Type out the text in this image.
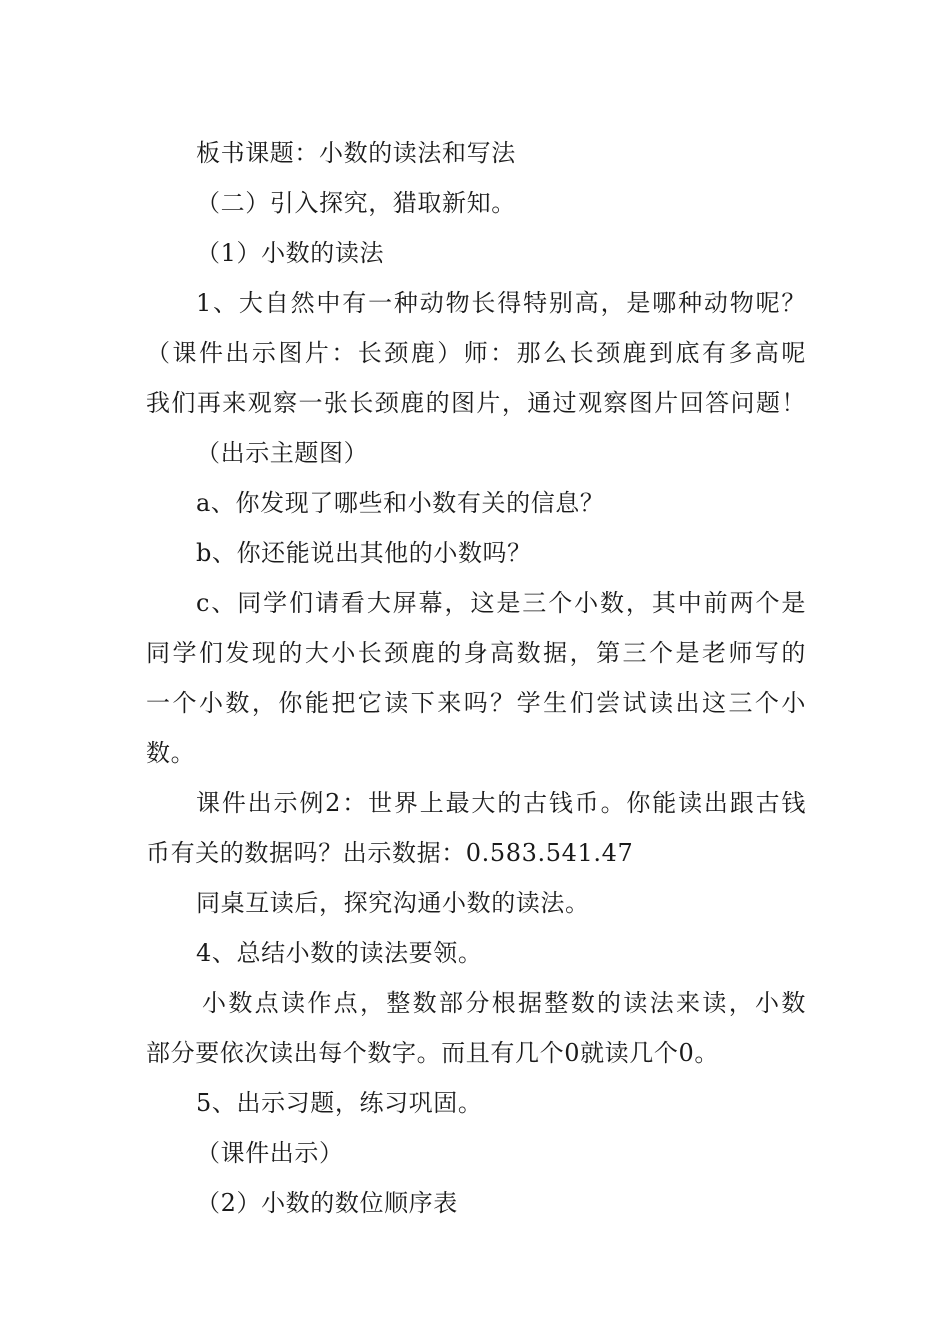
板书课题：小数的读法和写法
（二）引入探究，猎取新知。
（1）小数的读法
1、大自然中有一种动物长得特别高，是哪种动物呢？
（课件出示图片：长颈鹿）师：那么长颈鹿到底有多高呢
我们再来观察一张长颈鹿的图片，通过观察图片回答问题！
（出示主题图）
a、你发现了哪些和小数有关的信息？
b、你还能说出其他的小数吗？
c、同学们请看大屏幕，这是三个小数，其中前两个是
同学们发现的大小长颈鹿的身高数据，第三个是老师写的
一个小数，你能把它读下来吗？学生们尝试读出这三个小
数。
课件出示例2：世界上最大的古钱币。你能读出跟古钱
币有关的数据吗？出示数据：0.583.541.47
同桌互读后，探究沟通小数的读法。
4、总结小数的读法要领。
小数点读作点，整数部分根据整数的读法来读，小数
部分要依次读出每个数字。而且有几个0就读几个0。
5、出示习题，练习巩固。
（课件出示）
（2）小数的数位顺序表
